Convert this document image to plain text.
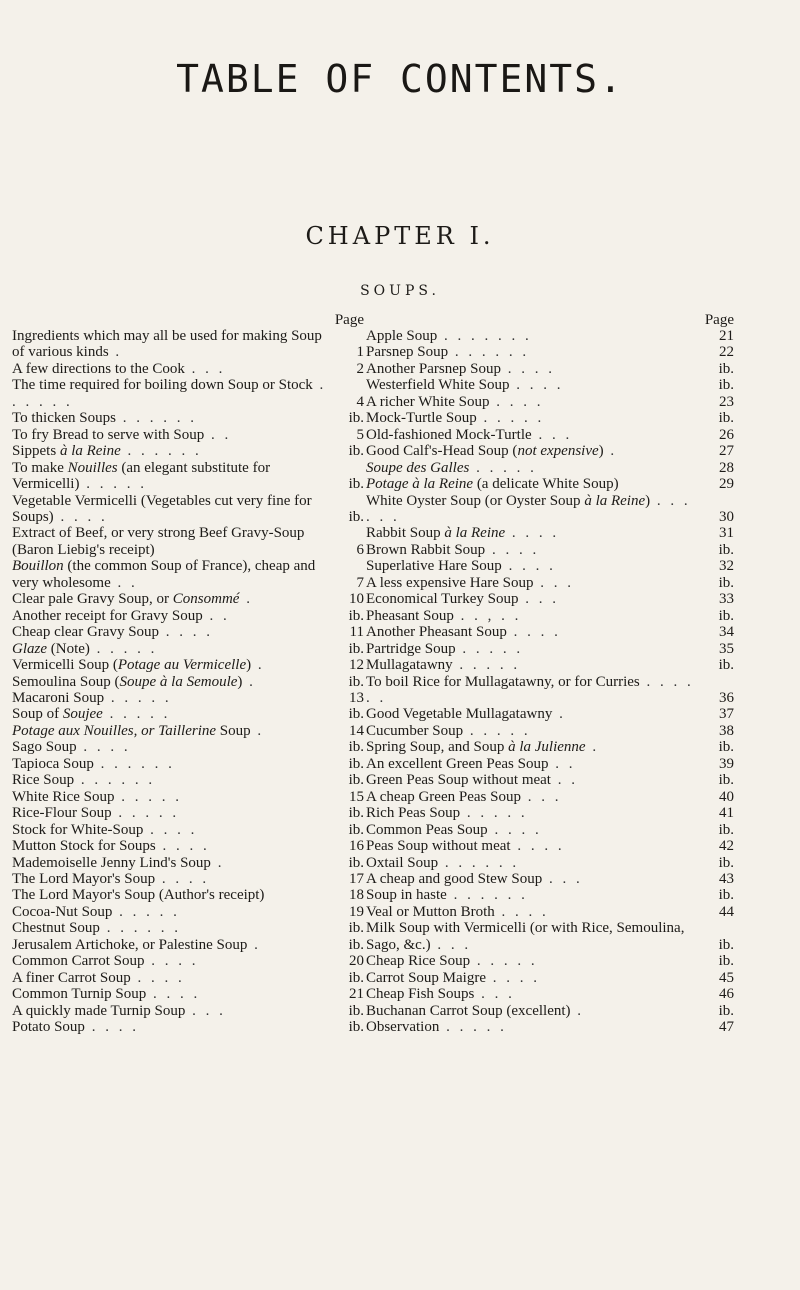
TABLE OF CONTENTS.
CHAPTER I.
SOUPS.
Page
Ingredients which may all be used for making Soup of various kinds .	1
A few directions to the Cook . . .	2
The time required for boiling down Soup or Stock . . . . . .	4
To thicken Soups . . . . . .	ib.
To fry Bread to serve with Soup . .	5
Sippets à la Reine . . . . . .	ib.
To make Nouilles (an elegant substitute for Vermicelli) . . . . .	ib.
Vegetable Vermicelli (Vegetables cut very fine for Soups) . . . .	ib.
Extract of Beef, or very strong Beef Gravy-Soup (Baron Liebig's receipt)	6
Bouillon (the common Soup of France), cheap and very wholesome . .	7
Clear pale Gravy Soup, or Consommé .	10
Another receipt for Gravy Soup . .	ib.
Cheap clear Gravy Soup . . . .	11
Glaze (Note) . . . . .	ib.
Vermicelli Soup (Potage au Vermicelle) .	12
Semoulina Soup (Soupe à la Semoule) .	ib.
Macaroni Soup . . . . .	13
Soup of Soujee . . . . .	ib.
Potage aux Nouilles, or Taillerine Soup .	14
Sago Soup . . . .	ib.
Tapioca Soup . . . . . .	ib.
Rice Soup . . . . . .	ib.
White Rice Soup . . . . .	15
Rice-Flour Soup . . . . .	ib.
Stock for White-Soup . . . .	ib.
Mutton Stock for Soups . . . .	16
Mademoiselle Jenny Lind's Soup .	ib.
The Lord Mayor's Soup . . . .	17
The Lord Mayor's Soup (Author's receipt)	18
Cocoa-Nut Soup . . . . .	19
Chestnut Soup . . . . . .	ib.
Jerusalem Artichoke, or Palestine Soup .	ib.
Common Carrot Soup . . . .	20
A finer Carrot Soup . . . .	ib.
Common Turnip Soup . . . .	21
A quickly made Turnip Soup . . .	ib.
Potato Soup . . . .	ib.
Page
Apple Soup . . . . . . .	21
Parsnep Soup . . . . . .	22
Another Parsnep Soup . . . .	ib.
Westerfield White Soup . . . .	ib.
A richer White Soup . . . .	23
Mock-Turtle Soup . . . . .	ib.
Old-fashioned Mock-Turtle . . .	26
Good Calf's-Head Soup (not expensive) .	27
Soupe des Galles . . . . .	28
Potage à la Reine (a delicate White Soup)	29
White Oyster Soup (or Oyster Soup à la Reine) . . . . . .	30
Rabbit Soup à la Reine . . . .	31
Brown Rabbit Soup . . . .	ib.
Superlative Hare Soup . . . .	32
A less expensive Hare Soup . . .	ib.
Economical Turkey Soup . . .	33
Pheasant Soup . . , . .	ib.
Another Pheasant Soup . . . .	34
Partridge Soup . . . . .	35
Mullagatawny . . . . .	ib.
To boil Rice for Mullagatawny, or for Curries . . . . . .	36
Good Vegetable Mullagatawny .	37
Cucumber Soup . . . . .	38
Spring Soup, and Soup à la Julienne .	ib.
An excellent Green Peas Soup . .	39
Green Peas Soup without meat . .	ib.
A cheap Green Peas Soup . . .	40
Rich Peas Soup . . . . .	41
Common Peas Soup . . . .	ib.
Peas Soup without meat . . . .	42
Oxtail Soup . . . . . .	ib.
A cheap and good Stew Soup . . .	43
Soup in haste . . . . . .	ib.
Veal or Mutton Broth . . . .	44
Milk Soup with Vermicelli (or with Rice, Semoulina, Sago, &c.) . . .	ib.
Cheap Rice Soup . . . . .	ib.
Carrot Soup Maigre . . . .	45
Cheap Fish Soups . . .	46
Buchanan Carrot Soup (excellent) .	ib.
Observation . . . . .	47
